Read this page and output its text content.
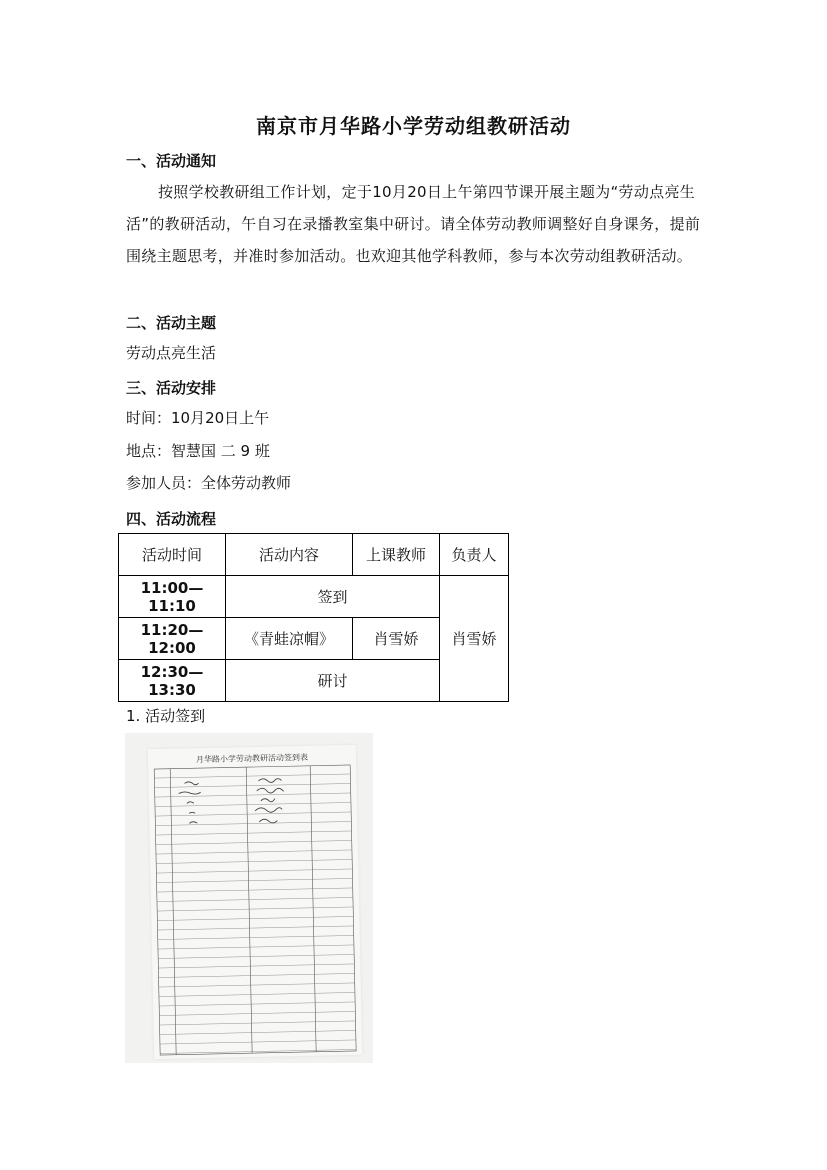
南京市月华路小学劳动组教研活动
一、活动通知
按照学校教研组工作计划，定于10月20日上午第四节课开展主题为“劳动点亮生活”的教研活动，午自习在录播教室集中研讨。请全体劳动教师调整好自身课务，提前围绕主题思考，并准时参加活动。也欢迎其他学科教师，参与本次劳动组教研活动。
二、活动主题
劳动点亮生活
三、活动安排
时间：10月20日上午
地点：智慧国 二 9 班
参加人员：全体劳动教师
四、活动流程
活动时间	活动内容	上课教师	负责人
11:00—11:10	签到		肖雪娇
11:20—12:00	《青蛙凉帽》	肖雪娇	
12:30—13:30	研讨		
1. 活动签到
月华路小学劳动教研活动签到表
